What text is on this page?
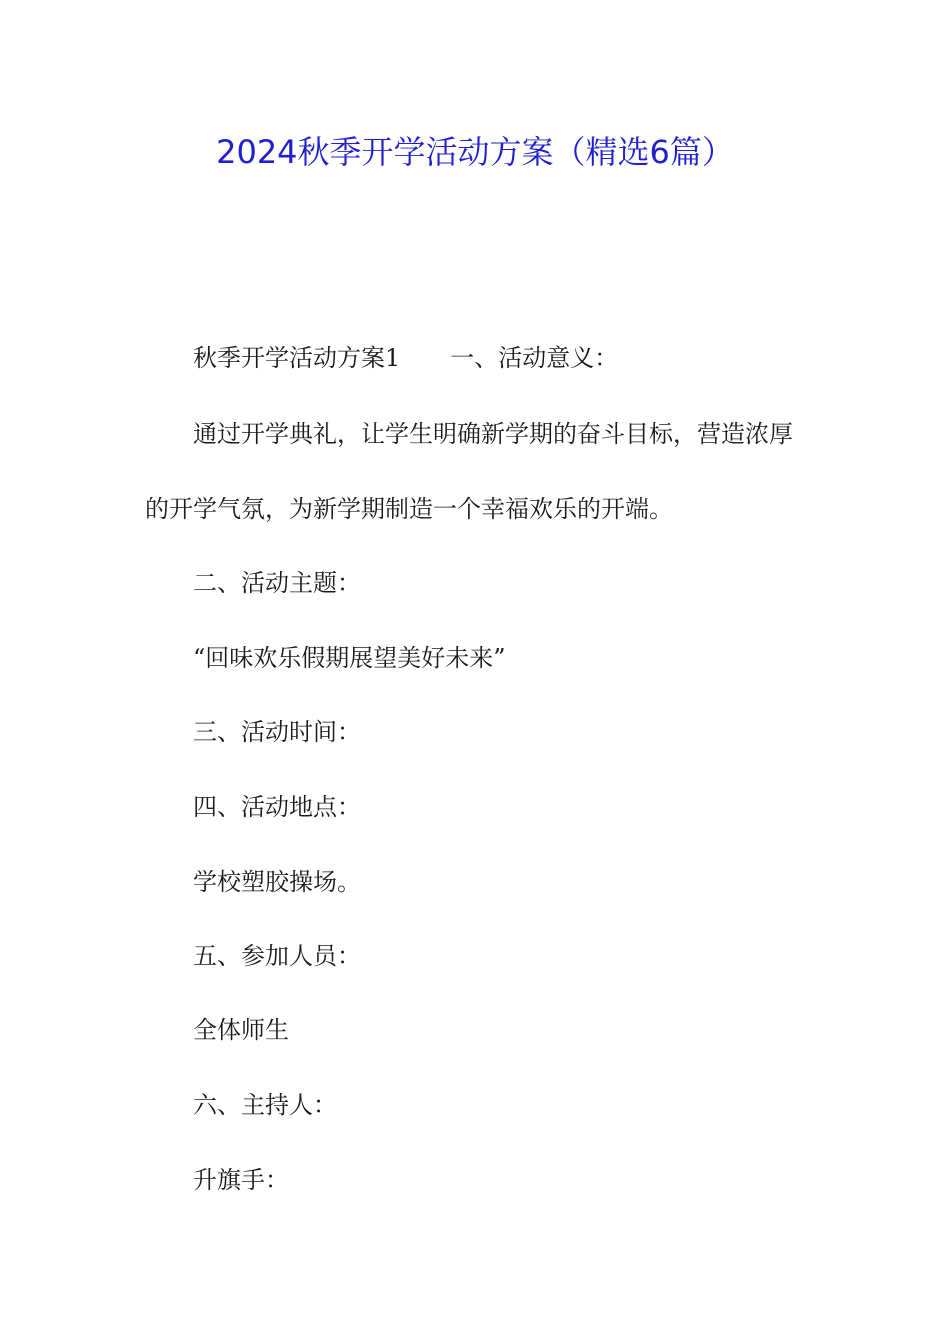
2024秋季开学活动方案（精选6篇）

秋季开学活动方案1 一、活动意义：

通过开学典礼，让学生明确新学期的奋斗目标，营造浓厚

的开学气氛，为新学期制造一个幸福欢乐的开端。

二、活动主题：

“回味欢乐假期展望美好未来”

三、活动时间：

四、活动地点：

学校塑胶操场。

五、参加人员：

全体师生

六、主持人：

升旗手：
